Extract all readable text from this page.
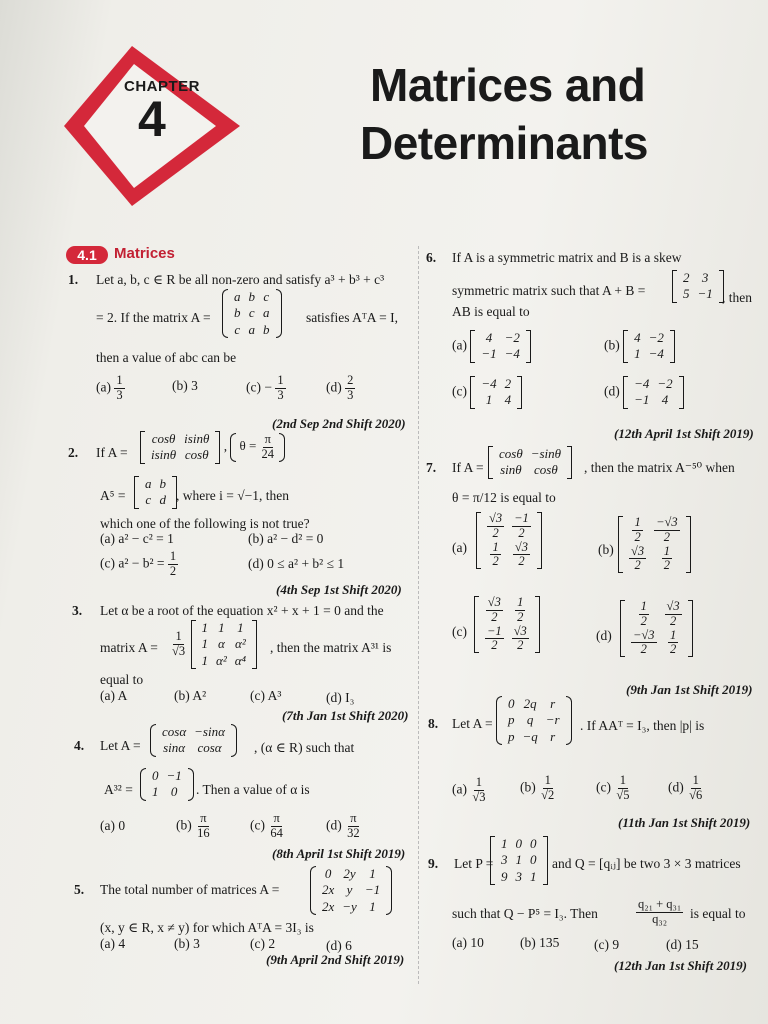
CHAPTER
4
Matrices and
Determinants
4.1	Matrices
1. Let a, b, c ∈ R be all non-zero and satisfy a³ + b³ + c³
= 2. If the matrix A =
a	b	c
b	c	a
c	a	b
satisfies AᵀA = I,
then a value of abc can be
$(a) \frac{1}{3}$	(b) 3	$(c) - \frac{1}{3}$	$(d) \frac{2}{3}$
(2nd Sep 2nd Shift 2020)
2. If A =
cosθ	isinθ
isinθ	cosθ
, $\theta = \frac{\pi}{24}$
A⁵ =
a	b
c	d , where i = √−1, then
which one of the following is not true?
(a) a² − c² = 1	(b) a² − d² = 0
(c) $a^2 - b^2 = \frac{1}{2}$	(d) 0 ≤ a² + b² ≤ 1
(4th Sep 1st Shift 2020)
3. Let α be a root of the equation x² + x + 1 = 0 and the
matrix $A = \frac{1}{√3}$

1	1	1
1	α	α²
1	α²	α⁴
, then the matrix A³¹ is
equal to
(a) A	(b) A²	(c) A³	(d) I₃
(7th Jan 1st Shift 2020)
4. Let A =
cosα	−sinα
sinα	cosα , (α ∈ R) such that
A³² =
0	−1
1	0 . Then a value of α is
(a) 0	$(b) \frac{\pi}{16}$	$(c) \frac{\pi}{64}$	$(d) \frac{\pi}{32}$
(8th April 1st Shift 2019)
5. The total number of matrices A =
0	2y	1
2x	y	−1
2x	−y	1
(x, y ∈ R, x ≠ y) for which AᵀA = 3I₃ is
(a) 4	(b) 3	(c) 2	(d) 6
(9th April 2nd Shift 2019)
6. If A is a symmetric matrix and B is a skew
symmetric matrix such that A + B =
2	3
5	−1 , then
AB is equal to
(a) 4	−2
−1	−4
(b) 4	−2
1	−4
(c) −4	2
1	4
(d) −4	−2
−1	4
(12th April 1st Shift 2019)
7. If A =
cosθ	−sinθ
sinθ	cosθ , then the matrix A⁻⁵⁰ when
θ = π/12 is equal to
(a)
$\frac{√3}{2}$	$\frac{-1}{2}$

$\frac{1}{2}$	$\frac{√3}{2}$	(b)
$\frac{1}{2}$	$\frac{-√3}{2}$

$\frac{√3}{2}$	$\frac{1}{2}$
(c)
$\frac{√3}{2}$	$\frac{1}{2}$

$\frac{-1}{2}$	$\frac{√3}{2}$	(d)
$\frac{1}{2}$	$\frac{√3}{2}$

$\frac{-√3}{2}$	$\frac{1}{2}$
(9th Jan 1st Shift 2019)
8. Let A =
0	2q	r
p	q	−r
p	−q	r
. If AAᵀ = I₃, then |p| is
$(a) \frac{1}{√3} (b) \frac{1}{√2}$	$(c) \frac{1}{√5}$	$(d) \frac{1}{√6}$
(11th Jan 1st Shift 2019)
9. Let P =
1	0	0
3	1	0
9	3	1
and Q = [qᵢⱼ] be two 3 × 3 matrices
such that Q − P⁵ = I₃. Then	$\frac{\text{q₂₁ + q₃₁}}{\text{q₃₂}}$ is equal to
(a) 10	(b) 135	(c) 9	(d) 15
(12th Jan 1st Shift 2019)
